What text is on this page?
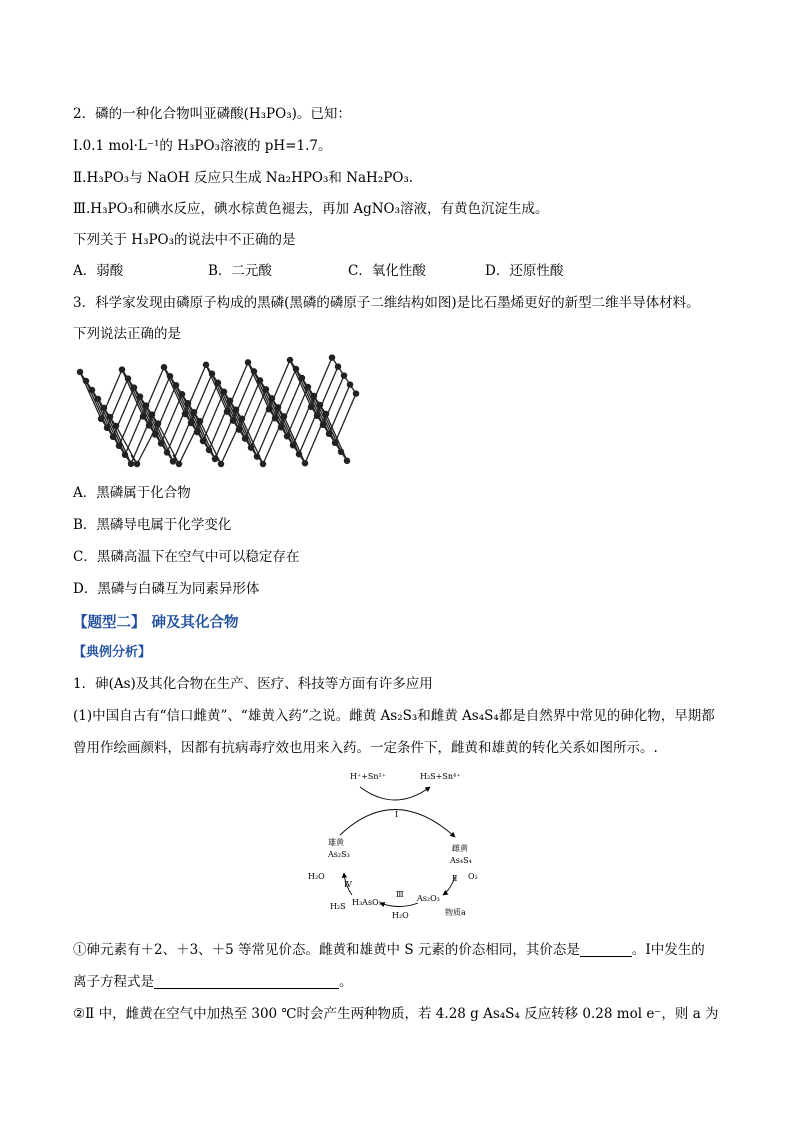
2．磷的一种化合物叫亚磷酸(H₃PO₃)。已知：
Ⅰ.0.1 mol·L⁻¹的 H₃PO₃溶液的 pH=1.7。
Ⅱ.H₃PO₃与 NaOH 反应只生成 Na₂HPO₃和 NaH₂PO₃.
Ⅲ.H₃PO₃和碘水反应，碘水棕黄色褪去，再加 AgNO₃溶液，有黄色沉淀生成。
下列关于 H₃PO₃的说法中不正确的是
A．弱酸	B．二元酸	C．氧化性酸	D．还原性酸
3．科学家发现由磷原子构成的黑磷(黑磷的磷原子二维结构如图)是比石墨烯更好的新型二维半导体材料。
下列说法正确的是
A．黑磷属于化合物
B．黑磷导电属于化学变化
C．黑磷高温下在空气中可以稳定存在
D．黑磷与白磷互为同素异形体
【题型二】 砷及其化合物
【典例分析】
1．砷(As)及其化合物在生产、医疗、科技等方面有许多应用
(1)中国自古有“信口雌黄”、“雄黄入药”之说。雌黄 As₂S₃和雌黄 As₄S₄都是自然界中常见的砷化物，早期都
曾用作绘画颜料，因都有抗病毒疗效也用来入药。一定条件下，雌黄和雄黄的转化关系如图所示。.
H⁺+Sn²⁺	H₂S+Sn⁴⁺
Ⅰ
雄黄
As₂S₃
雌黄
As₄S₄
Ⅱ O₂
As₂O₃
物质a
Ⅲ
H₂O
H₃AsO₃
Ⅳ
H₂O
H₂S
①砷元素有＋2、＋3、＋5 等常见价态。雌黄和雄黄中 S 元素的价态相同，其价态是	。Ⅰ中发生的
离子方程式是	。
②Ⅱ 中，雌黄在空气中加热至 300 ℃时会产生两种物质，若 4.28 g As₄S₄ 反应转移 0.28 mol e⁻，则 a 为
